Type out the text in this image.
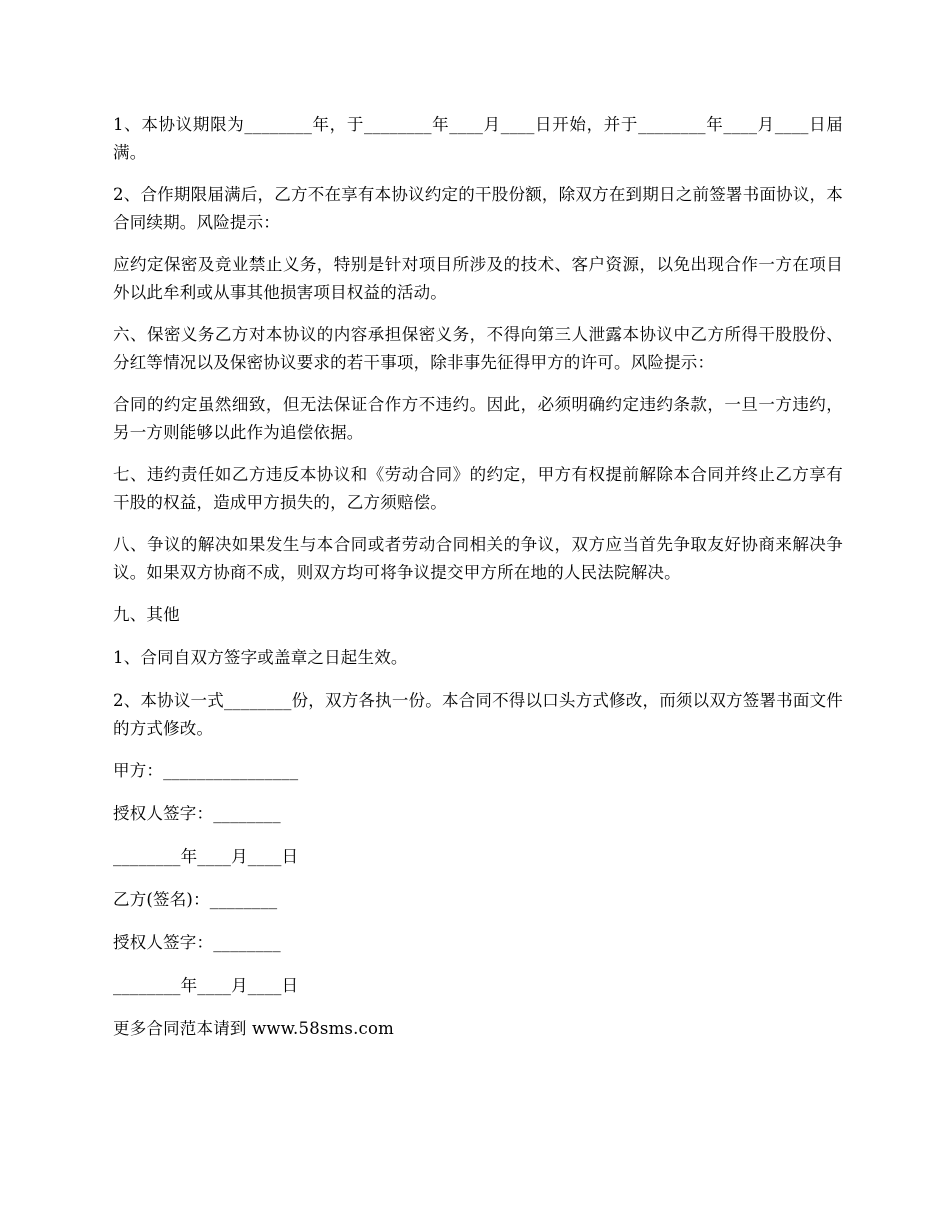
1、本协议期限为________年，于________年____月____日开始，并于________年____月____日届满。

2、合作期限届满后，乙方不在享有本协议约定的干股份额，除双方在到期日之前签署书面协议，本合同续期。风险提示：

应约定保密及竞业禁止义务，特别是针对项目所涉及的技术、客户资源，以免出现合作一方在项目外以此牟利或从事其他损害项目权益的活动。

六、保密义务乙方对本协议的内容承担保密义务，不得向第三人泄露本协议中乙方所得干股股份、分红等情况以及保密协议要求的若干事项，除非事先征得甲方的许可。风险提示：

合同的约定虽然细致，但无法保证合作方不违约。因此，必须明确约定违约条款，一旦一方违约，另一方则能够以此作为追偿依据。

七、违约责任如乙方违反本协议和《劳动合同》的约定，甲方有权提前解除本合同并终止乙方享有干股的权益，造成甲方损失的，乙方须赔偿。

八、争议的解决如果发生与本合同或者劳动合同相关的争议，双方应当首先争取友好协商来解决争议。如果双方协商不成，则双方均可将争议提交甲方所在地的人民法院解决。

九、其他

1、合同自双方签字或盖章之日起生效。

2、本协议一式________份，双方各执一份。本合同不得以口头方式修改，而须以双方签署书面文件的方式修改。

甲方：________________

授权人签字：________

________年____月____日

乙方(签名)：________

授权人签字：________

________年____月____日

更多合同范本请到 www.58sms.com
